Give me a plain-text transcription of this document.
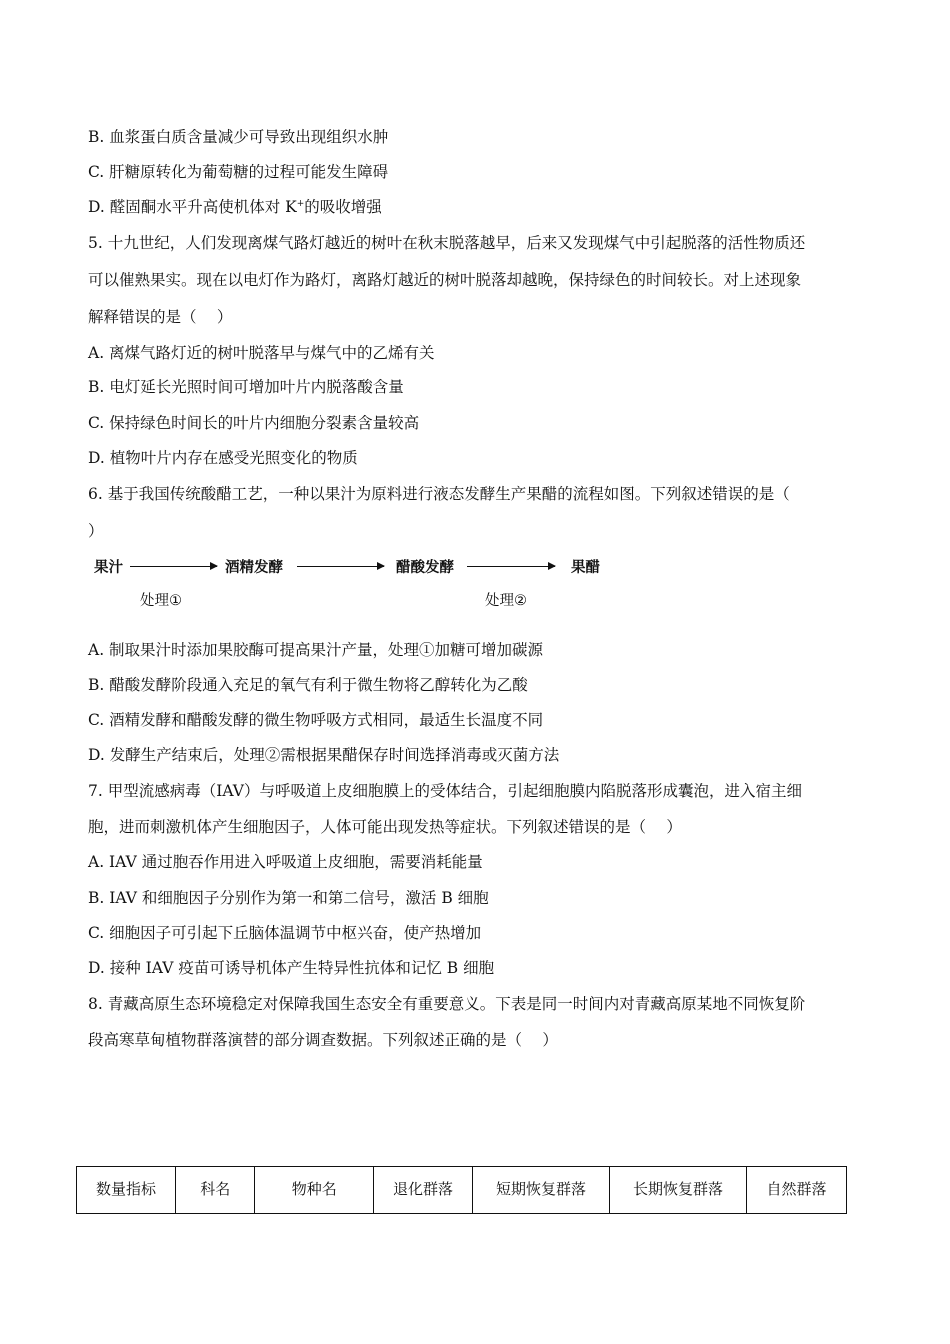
B. 血浆蛋白质含量减少可导致出现组织水肿
C. 肝糖原转化为葡萄糖的过程可能发生障碍
D. 醛固酮水平升高使机体对 K+的吸收增强
5. 十九世纪，人们发现离煤气路灯越近的树叶在秋末脱落越早，后来又发现煤气中引起脱落的活性物质还
可以催熟果实。现在以电灯作为路灯，离路灯越近的树叶脱落却越晚，保持绿色的时间较长。对上述现象
解释错误的是（　 ）
A. 离煤气路灯近的树叶脱落早与煤气中的乙烯有关
B. 电灯延长光照时间可增加叶片内脱落酸含量
C. 保持绿色时间长的叶片内细胞分裂素含量较高
D. 植物叶片内存在感受光照变化的物质
6. 基于我国传统酸醋工艺，一种以果汁为原料进行液态发酵生产果醋的流程如图。下列叙述错误的是（
）
果汁	酒精发酵	醋酸发酵	果醋
处理①	处理②
A. 制取果汁时添加果胶酶可提高果汁产量，处理①加糖可增加碳源
B. 醋酸发酵阶段通入充足的氧气有利于微生物将乙醇转化为乙酸
C. 酒精发酵和醋酸发酵的微生物呼吸方式相同，最适生长温度不同
D. 发酵生产结束后，处理②需根据果醋保存时间选择消毒或灭菌方法
7. 甲型流感病毒（IAV）与呼吸道上皮细胞膜上的受体结合，引起细胞膜内陷脱落形成囊泡，进入宿主细
胞，进而刺激机体产生细胞因子，人体可能出现发热等症状。下列叙述错误的是（　 ）
A. IAV 通过胞吞作用进入呼吸道上皮细胞，需要消耗能量
B. IAV 和细胞因子分别作为第一和第二信号，激活 B 细胞
C. 细胞因子可引起下丘脑体温调节中枢兴奋，使产热增加
D. 接种 IAV 疫苗可诱导机体产生特异性抗体和记忆 B 细胞
8. 青藏高原生态环境稳定对保障我国生态安全有重要意义。下表是同一时间内对青藏高原某地不同恢复阶
段高寒草甸植物群落演替的部分调查数据。下列叙述正确的是（　 ）
数量指标	科名	物种名	退化群落	短期恢复群落	长期恢复群落	自然群落
